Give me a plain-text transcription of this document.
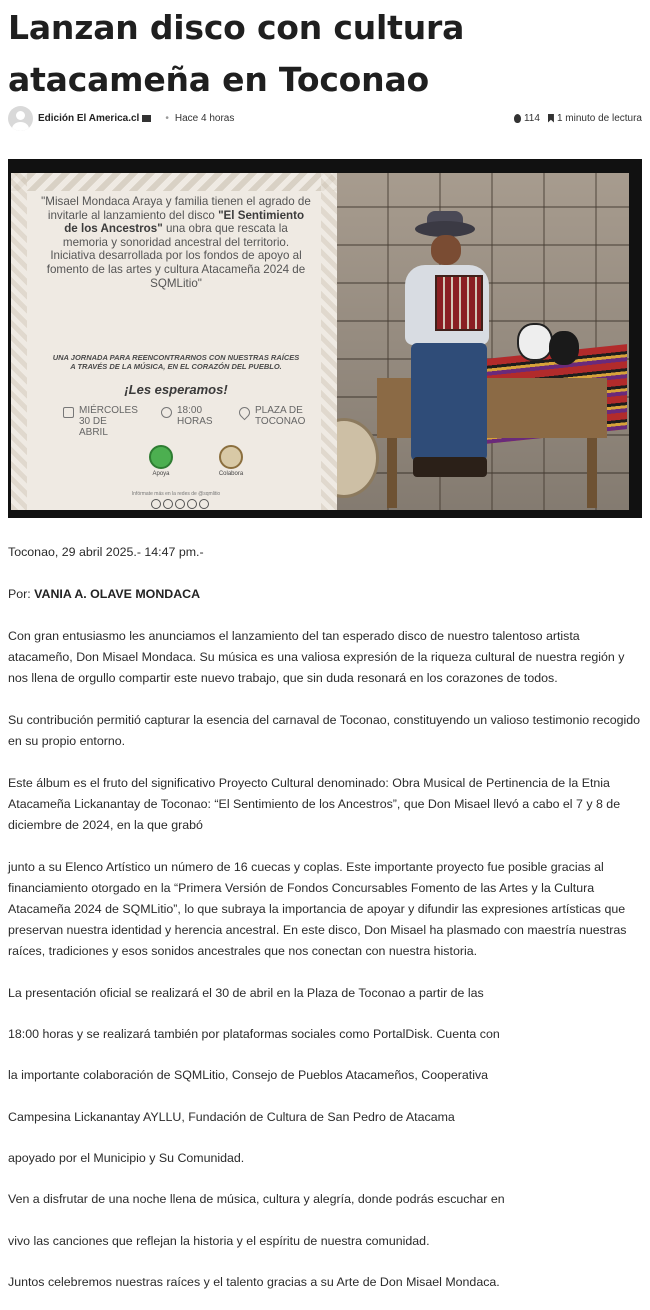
Lanzan disco con cultura atacameña en Toconao
Edición El America.cl	• Hace 4 horas	114 1 minuto de lectura
"Misael Mondaca Araya y familia tienen el agrado de invitarle al lanzamiento del disco "El Sentimiento de los Ancestros" una obra que rescata la memoria y sonoridad ancestral del territorio. Iniciativa desarrollada por los fondos de apoyo al fomento de las artes y cultura Atacameña 2024 de SQMLitio"
UNA JORNADA PARA REENCONTRARNOS CON NUESTRAS RAÍCES A TRAVÉS DE LA MÚSICA, EN EL CORAZÓN DEL PUEBLO.
¡Les esperamos!
MIÉRCOLES 30 DE ABRIL
18:00 HORAS
PLAZA DE TOCONAO
Apoya	Colabora
Infórmate más en la redes de @sqmlitio

Toconao, 29 abril 2025.- 14:47 pm.-

Por: VANIA A. OLAVE MONDACA

Con gran entusiasmo les anunciamos el lanzamiento del tan esperado disco de nuestro talentoso artista atacameño, Don Misael Mondaca. Su música es una valiosa expresión de la riqueza cultural de nuestra región y nos llena de orgullo compartir este nuevo trabajo, que sin duda resonará en los corazones de todos.

Su contribución permitió capturar la esencia del carnaval de Toconao, constituyendo un valioso testimonio recogido en su propio entorno.

Este álbum es el fruto del significativo Proyecto Cultural denominado: Obra Musical de Pertinencia de la Etnia Atacameña Lickanantay de Toconao: “El Sentimiento de los Ancestros”, que Don Misael llevó a cabo el 7 y 8 de diciembre de 2024, en la que grabó

junto a su Elenco Artístico un número de 16 cuecas y coplas. Este importante proyecto fue posible gracias al financiamiento otorgado en la “Primera Versión de Fondos Concursables Fomento de las Artes y la Cultura Atacameña 2024 de SQMLitio”, lo que subraya la importancia de apoyar y difundir las expresiones artísticas que preservan nuestra identidad y herencia ancestral. En este disco, Don Misael ha plasmado con maestría nuestras raíces, tradiciones y esos sonidos ancestrales que nos conectan con nuestra historia.

La presentación oficial se realizará el 30 de abril en la Plaza de Toconao a partir de las

18:00 horas y se realizará también por plataformas sociales como PortalDisk. Cuenta con

la importante colaboración de SQMLitio, Consejo de Pueblos Atacameños, Cooperativa

Campesina Lickanantay AYLLU, Fundación de Cultura de San Pedro de Atacama

apoyado por el Municipio y Su Comunidad.

Ven a disfrutar de una noche llena de música, cultura y alegría, donde podrás escuchar en

vivo las canciones que reflejan la historia y el espíritu de nuestra comunidad.

Juntos celebremos nuestras raíces y el talento gracias a su Arte de Don Misael Mondaca.
